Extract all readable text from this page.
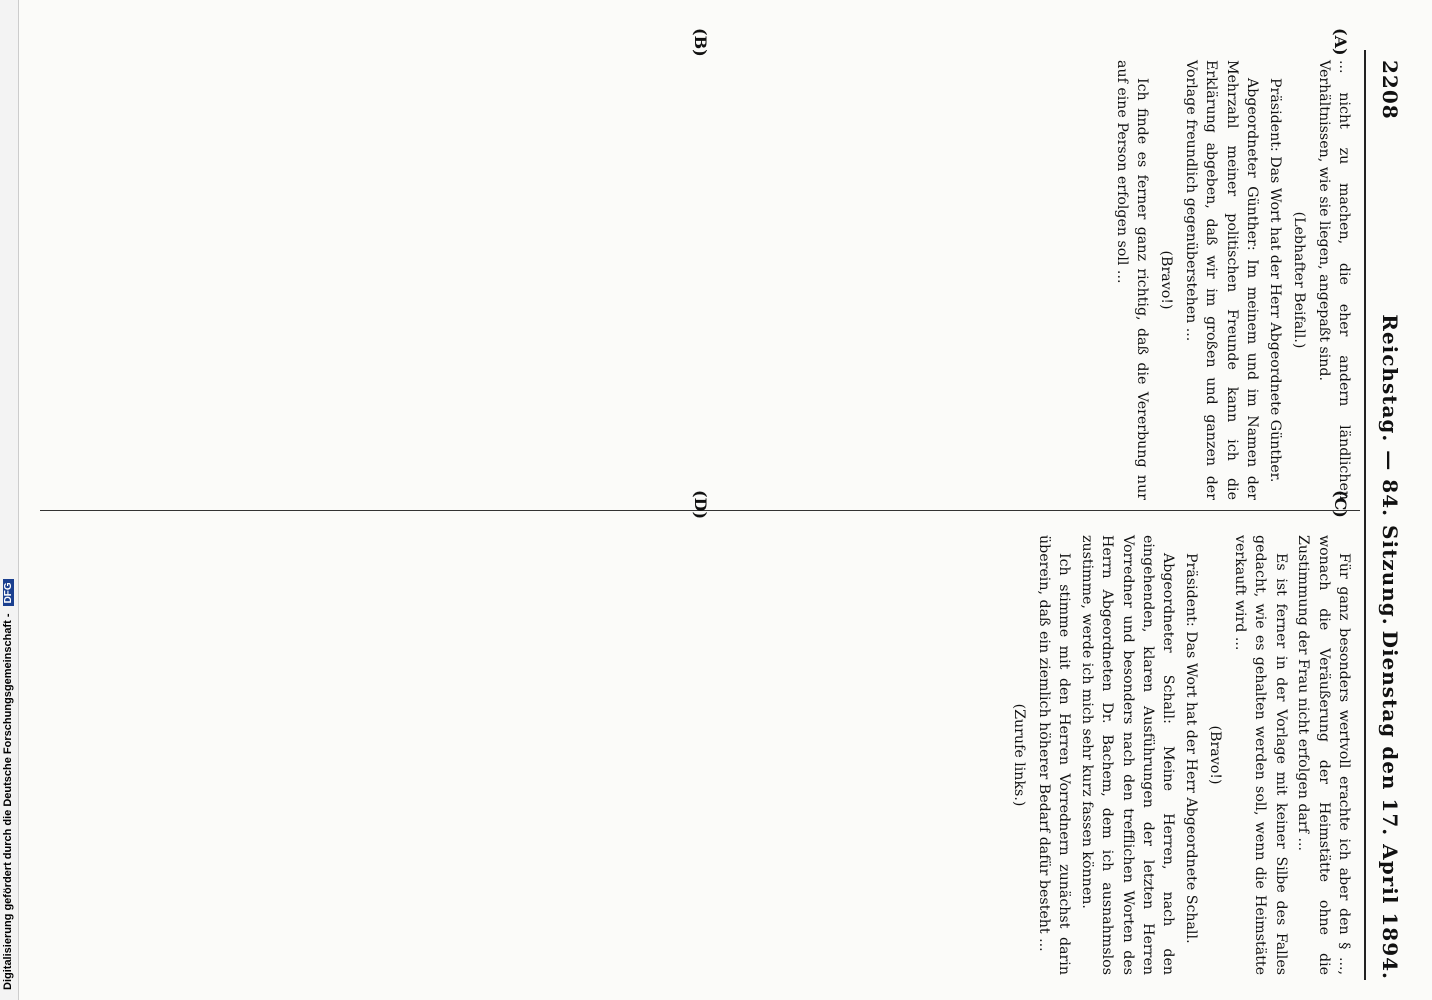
Digitalisierung gefördert durch die Deutsche Forschungsgemeinschaft - DFG
2208
Reichstag. — 84. Sitzung.
Dienstag den 17. April 1894.
(A)
(B)
(C)
(D)

... nicht zu machen, die eher andern ländlichen Verhältnissen, wie sie liegen, angepaßt sind.

(Lebhafter Beifall.)

Präsident: Das Wort hat der Herr Abgeordnete Günther.

Abgeordneter Günther: Im meinem und im Namen der Mehrzahl meiner politischen Freunde kann ich die Erklärung abgeben, daß wir im großen und ganzen der Vorlage freundlich gegenüberstehen ...

(Bravo!)

Ich finde es ferner ganz richtig, daß die Vererbung nur auf eine Person erfolgen soll ...

Für ganz besonders wertvoll erachte ich aber den § ..., wonach die Veräußerung der Heimstätte ohne die Zustimmung der Frau nicht erfolgen darf ...

Es ist ferner in der Vorlage mit keiner Silbe des Falles gedacht, wie es gehalten werden soll, wenn die Heimstätte verkauft wird ...

(Bravo!)

Präsident: Das Wort hat der Herr Abgeordnete Schall.

Abgeordneter Schall: Meine Herren, nach den eingehenden, klaren Ausführungen der letzten Herren Vorredner und besonders nach den trefflichen Worten des Herrn Abgeordneten Dr. Bachem, dem ich ausnahmslos zustimme, werde ich mich sehr kurz fassen können.

Ich stimme mit den Herren Vorrednern zunächst darin überein, daß ein ziemlich höherer Bedarf dafür besteht ...

(Zurufe links.)
